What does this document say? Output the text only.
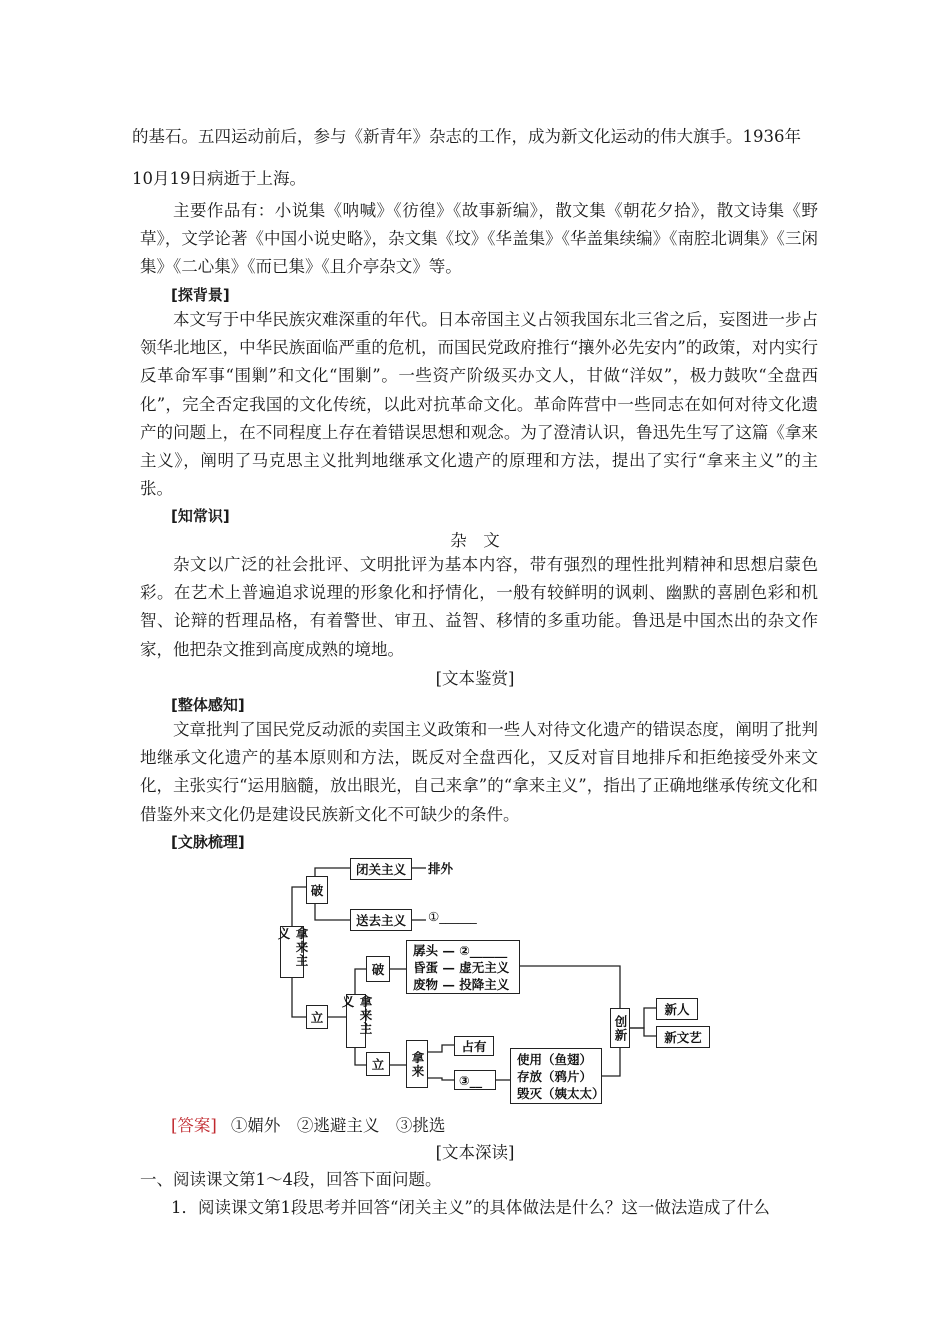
的基石。五四运动前后，参与《新青年》杂志的工作，成为新文化运动的伟大旗手。1936年
10月19日病逝于上海。
主要作品有：小说集《呐喊》《彷徨》《故事新编》，散文集《朝花夕拾》，散文诗集《野草》，文学论著《中国小说史略》，杂文集《坟》《华盖集》《华盖集续编》《南腔北调集》《三闲集》《二心集》《而已集》《且介亭杂文》等。
[探背景]
本文写于中华民族灾难深重的年代。日本帝国主义占领我国东北三省之后，妄图进一步占领华北地区，中华民族面临严重的危机，而国民党政府推行“攘外必先安内”的政策，对内实行反革命军事“围剿”和文化“围剿”。一些资产阶级买办文人，甘做“洋奴”，极力鼓吹“全盘西化”，完全否定我国的文化传统，以此对抗革命文化。革命阵营中一些同志在如何对待文化遗产的问题上，在不同程度上存在着错误思想和观念。为了澄清认识，鲁迅先生写了这篇《拿来主义》，阐明了马克思主义批判地继承文化遗产的原理和方法，提出了实行“拿来主义”的主张。
[知常识]
杂　文
杂文以广泛的社会批评、文明批评为基本内容，带有强烈的理性批判精神和思想启蒙色彩。在艺术上普遍追求说理的形象化和抒情化，一般有较鲜明的讽刺、幽默的喜剧色彩和机智、论辩的哲理品格，有着警世、审丑、益智、移情的多重功能。鲁迅是中国杰出的杂文作家，他把杂文推到高度成熟的境地。
[文本鉴赏]
[整体感知]
文章批判了国民党反动派的卖国主义政策和一些人对待文化遗产的错误态度，阐明了批判地继承文化遗产的基本原则和方法，既反对全盘西化，又反对盲目地排斥和拒绝接受外来文化，主张实行“运用脑髓，放出眼光，自己来拿”的“拿来主义”，指出了正确地继承传统文化和借鉴外来文化仍是建设民族新文化不可缺少的条件。
[文脉梳理]
拿来主义
破
闭关主义	排外
送去主义	①______
立	拿来主义
破
孱头 — ②______
昏蛋 — 虚无主义
废物 — 投降主义
立	拿来
占有
③__
使用（鱼翅）
存放（鸦片）
毁灭（姨太太）
创新
新人
新文艺
[答案] ①媚外　②逃避主义　③挑选
[文本深读]
一、阅读课文第1～4段，回答下面问题。
1．阅读课文第1段思考并回答“闭关主义”的具体做法是什么？这一做法造成了什么
